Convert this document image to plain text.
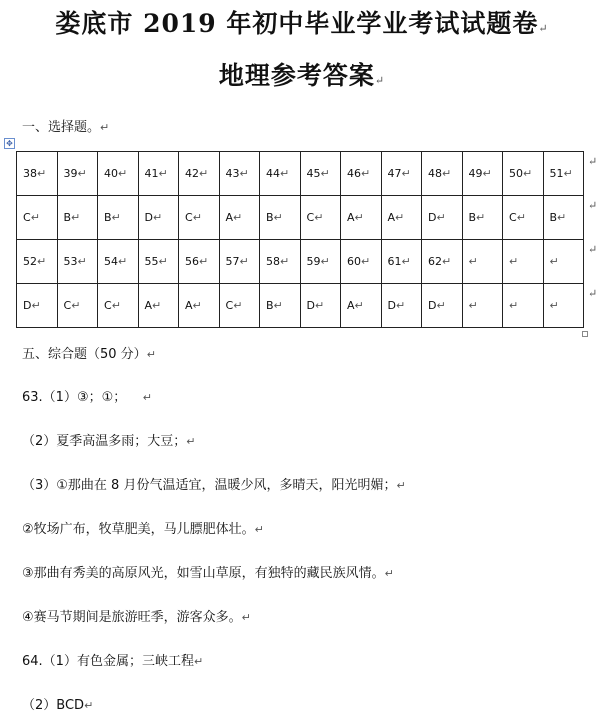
娄底市 2019 年初中毕业学业考试试题卷↵
地理参考答案↵
一、选择题。↵
✥
38↵	39↵	40↵	41↵	42↵	43↵	44↵	45↵	46↵	47↵	48↵	49↵	50↵	51↵
C↵	B↵	B↵	D↵	C↵	A↵	B↵	C↵	A↵	A↵	D↵	B↵	C↵	B↵
52↵	53↵	54↵	55↵	56↵	57↵	58↵	59↵	60↵	61↵	62↵	↵	↵	↵
D↵	C↵	C↵	A↵	A↵	C↵	B↵	D↵	A↵	D↵	D↵	↵	↵	↵
↵
↵
↵
↵
五、综合题（50 分）↵
63.（1）③；①； ↵
（2）夏季高温多雨；大豆；↵
（3）①那曲在 8 月份气温适宜，温暖少风，多晴天，阳光明媚；↵
②牧场广布，牧草肥美，马儿膘肥体壮。↵
③那曲有秀美的高原风光，如雪山草原，有独特的藏民族风情。↵
④赛马节期间是旅游旺季，游客众多。↵
64.（1）有色金属；三峡工程↵
（2）BCD↵
